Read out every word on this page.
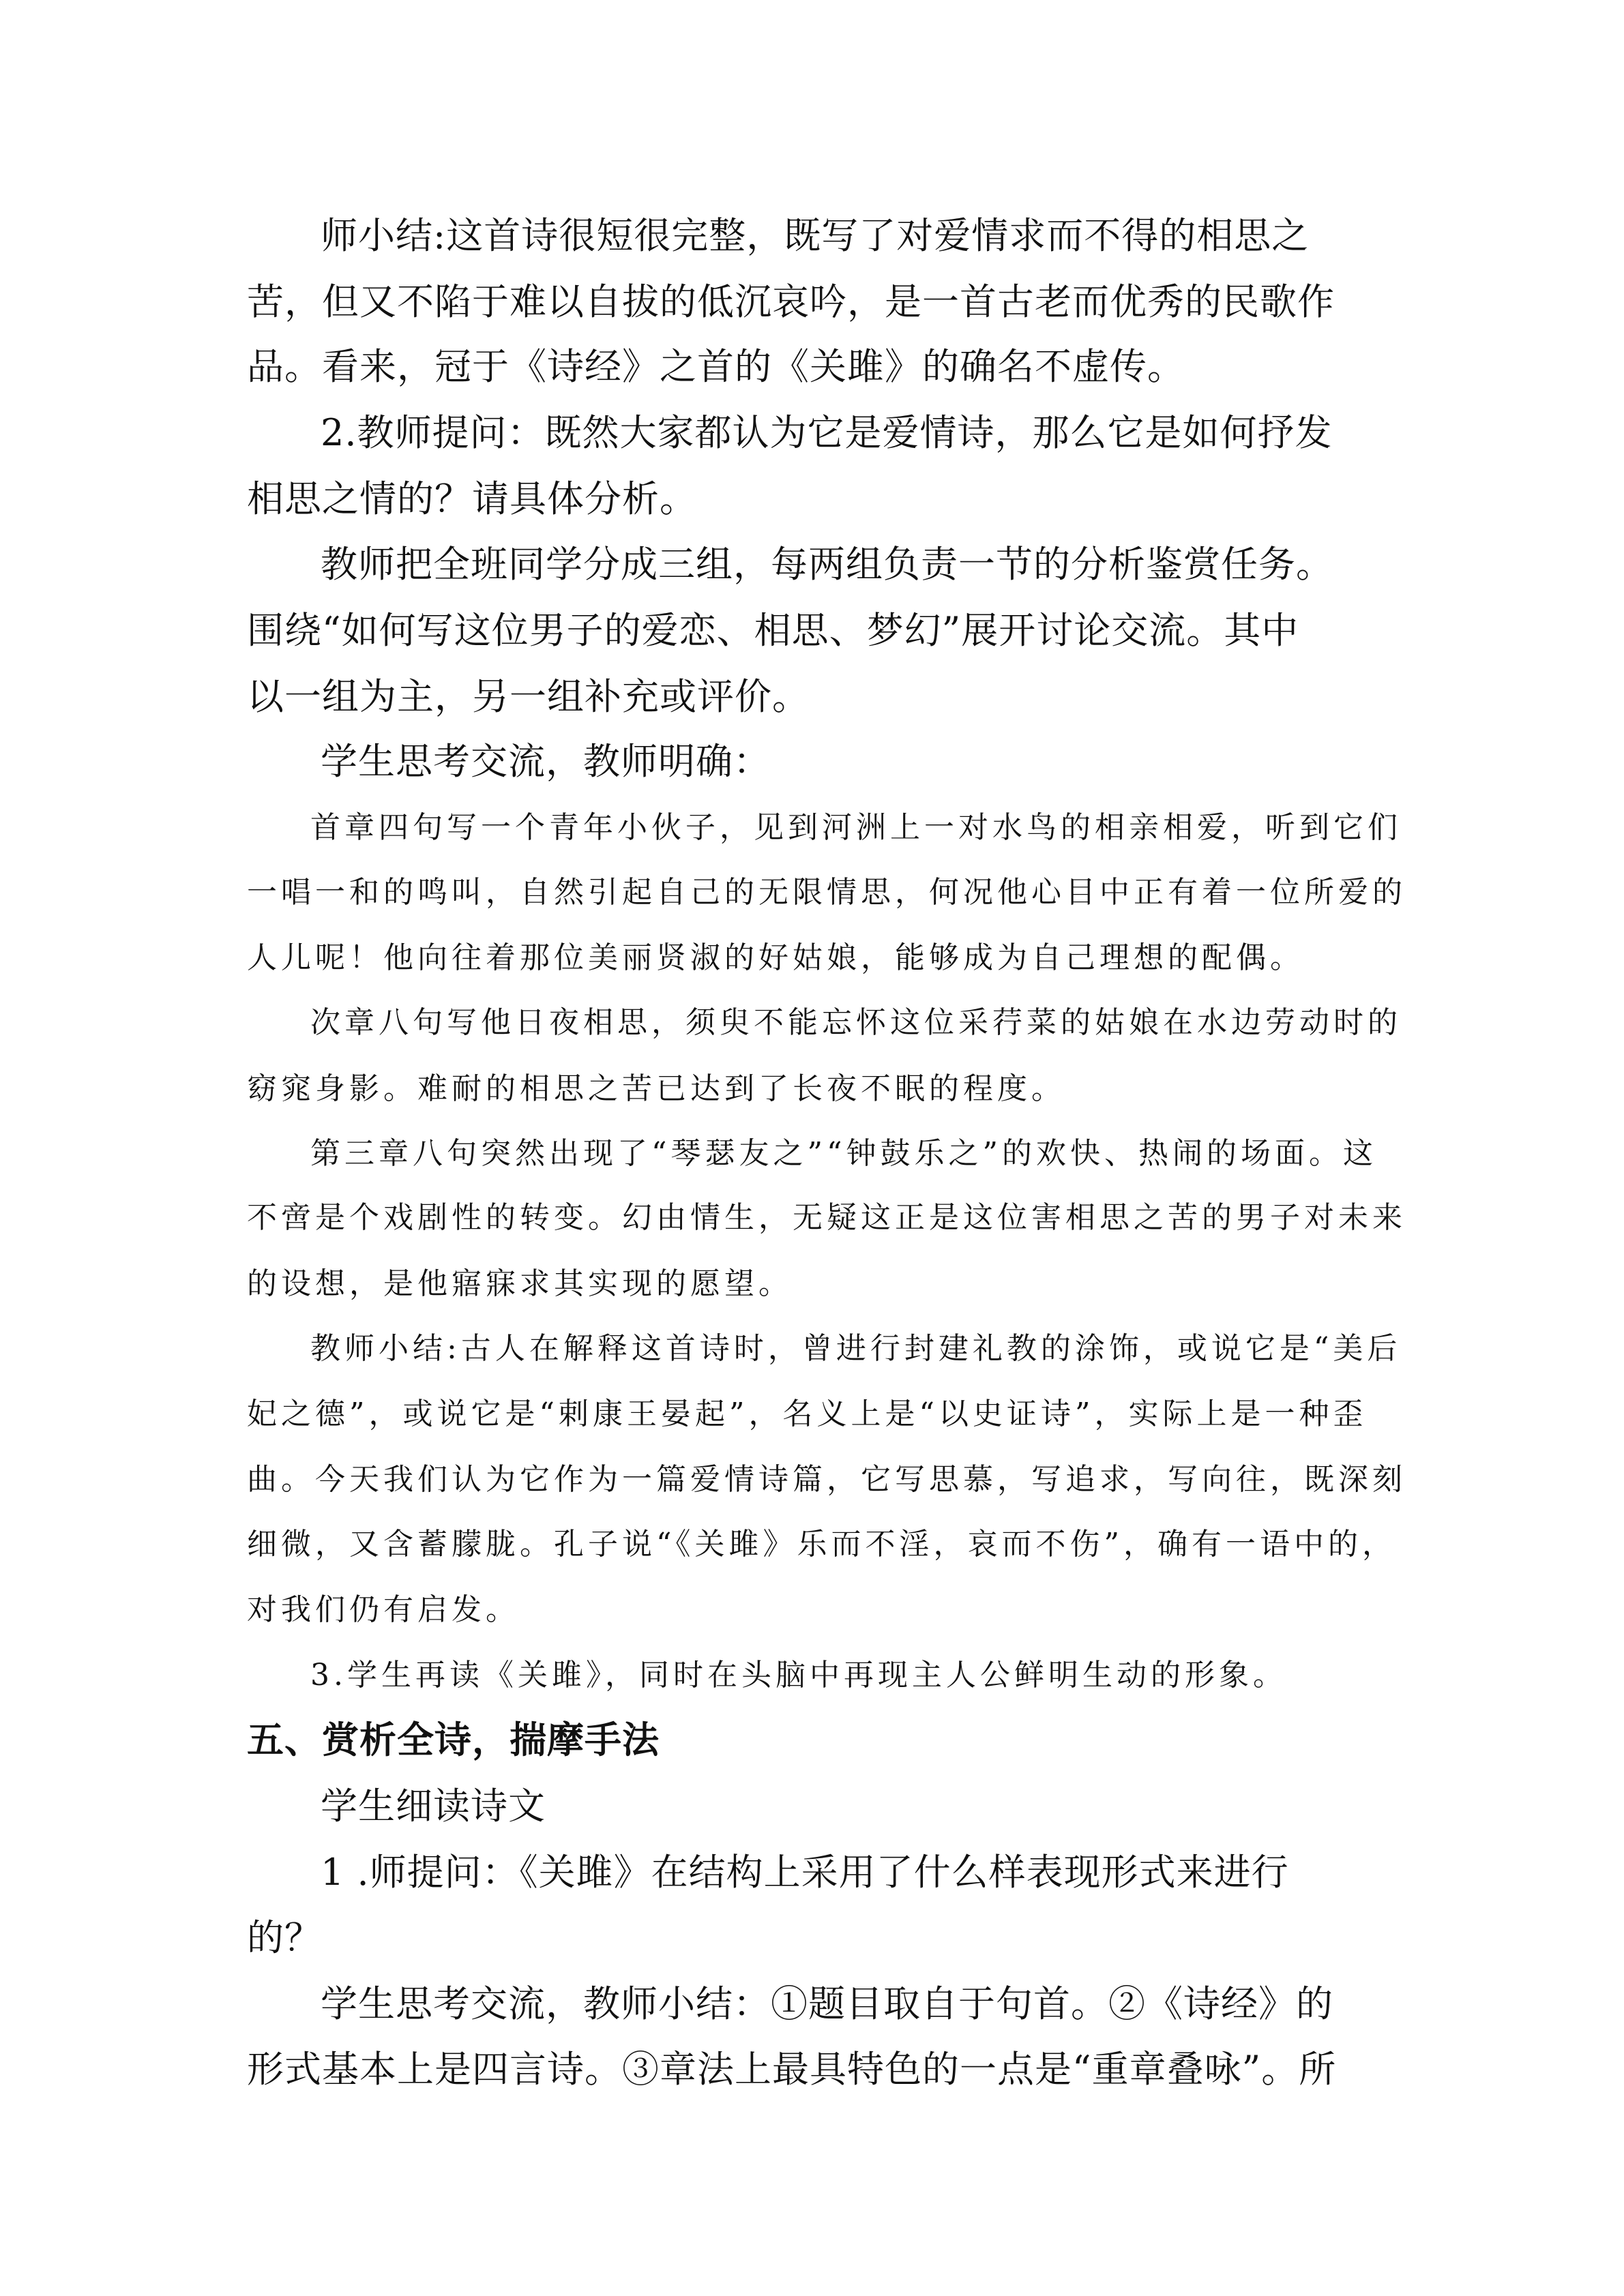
师小结:这首诗很短很完整，既写了对爱情求而不得的相思之
苦，但又不陷于难以自拔的低沉哀吟，是一首古老而优秀的民歌作
品。看来，冠于《诗经》之首的《关雎》的确名不虚传。
2.教师提问：既然大家都认为它是爱情诗，那么它是如何抒发
相思之情的？请具体分析。
教师把全班同学分成三组，每两组负责一节的分析鉴赏任务。
围绕“如何写这位男子的爱恋、相思、梦幻”展开讨论交流。其中
以一组为主，另一组补充或评价。
学生思考交流，教师明确：
首章四句写一个青年小伙子，见到河洲上一对水鸟的相亲相爱，听到它们
一唱一和的鸣叫，自然引起自己的无限情思，何况他心目中正有着一位所爱的
人儿呢！他向往着那位美丽贤淑的好姑娘，能够成为自己理想的配偶。
次章八句写他日夜相思，须臾不能忘怀这位采荇菜的姑娘在水边劳动时的
窈窕身影。难耐的相思之苦已达到了长夜不眠的程度。
第三章八句突然出现了“琴瑟友之”“钟鼓乐之”的欢快、热闹的场面。这
不啻是个戏剧性的转变。幻由情生，无疑这正是这位害相思之苦的男子对未来
的设想，是他寤寐求其实现的愿望。
教师小结:古人在解释这首诗时，曾进行封建礼教的涂饰，或说它是“美后
妃之德”，或说它是“剌康王晏起”，名义上是“以史证诗”，实际上是一种歪
曲。今天我们认为它作为一篇爱情诗篇，它写思慕，写追求，写向往，既深刻
细微，又含蓄朦胧。孔子说“《关雎》乐而不淫，哀而不伤”，确有一语中的，
对我们仍有启发。
3.学生再读《关雎》，同时在头脑中再现主人公鲜明生动的形象。
五、赏析全诗，揣摩手法
学生细读诗文
1 .师提问：《关雎》在结构上采用了什么样表现形式来进行
的？
学生思考交流，教师小结：①题目取自于句首。②《诗经》的
形式基本上是四言诗。③章法上最具特色的一点是“重章叠咏”。所
